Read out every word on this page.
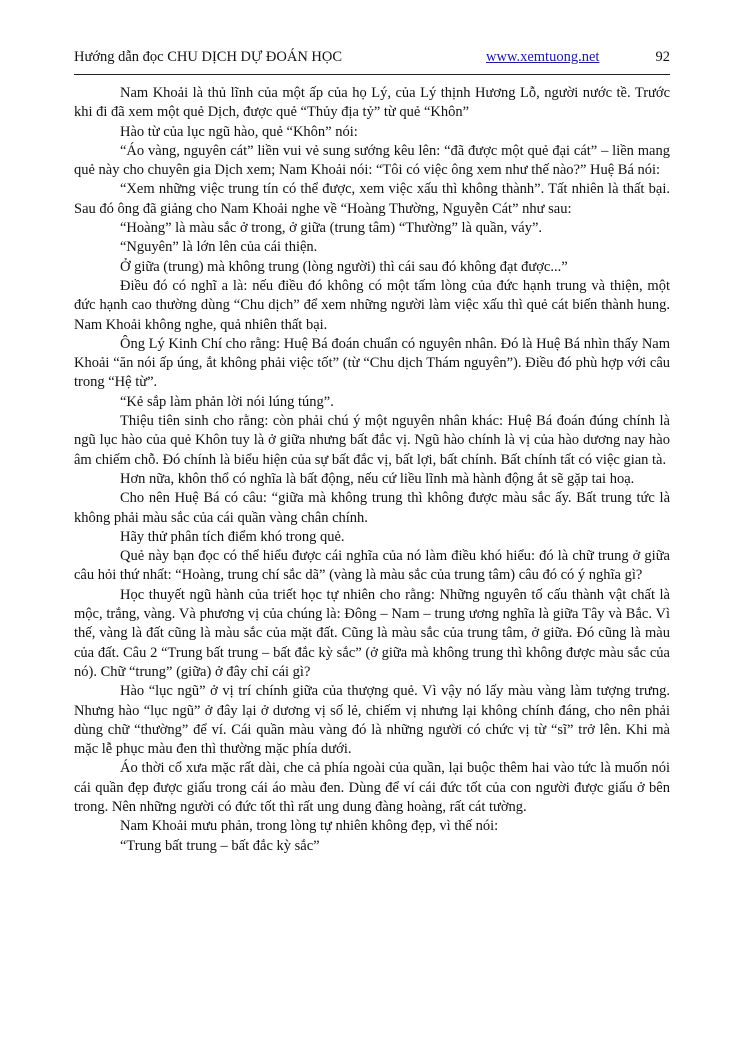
Hướng dẫn đọc CHU DỊCH DỰ ĐOÁN HỌC	www.xemtuong.net	92

Nam Khoải là thủ lĩnh của một ấp của họ Lý, của Lý thịnh Hương Lỗ, người nước tề. Trước khi đi đã xem một quẻ Dịch, được quẻ “Thủy địa tỷ” từ quẻ “Khôn”

Hào từ của lục ngũ hào, quẻ “Khôn” nói:

“Áo vàng, nguyên cát” liền vui vẻ sung sướng kêu lên: “đã được một quẻ đại cát” – liền mang quẻ này cho chuyên gia Dịch xem; Nam Khoải nói: “Tôi có việc ông xem như thế nào?” Huệ Bá nói:

“Xem những việc trung tín có thể được, xem việc xấu thì không thành”. Tất nhiên là thất bại. Sau đó ông đã giảng cho Nam Khoải nghe về “Hoàng Thường, Nguyễn Cát” như sau:

“Hoàng” là màu sắc ở trong, ở giữa (trung tâm) “Thường” là quần, váy”.

“Nguyên” là lớn lên của cái thiện.

Ở giữa (trung) mà không trung (lòng người) thì cái sau đó không đạt được...”

Điều đó có nghĩ a là: nếu điều đó không có một tấm lòng của đức hạnh trung và thiện, một đức hạnh cao thường dùng “Chu dịch” để xem những người làm việc xấu thì quẻ cát biến thành hung. Nam Khoải không nghe, quả nhiên thất bại.

Ông Lý Kinh Chí cho rằng: Huệ Bá đoán chuẩn có nguyên nhân. Đó là Huệ Bá nhìn thấy Nam Khoải “ăn nói ấp úng, ắt không phải việc tốt” (từ “Chu dịch Thám nguyên”). Điều đó phù hợp với câu trong “Hệ từ”.

“Kẻ sắp làm phản lời nói lúng túng”.

Thiệu tiên sinh cho rằng: còn phải chú ý một nguyên nhân khác: Huệ Bá đoán đúng chính là ngũ lục hào của quẻ Khôn tuy là ở giữa nhưng bất đắc vị. Ngũ hào chính là vị của hào dương nay hào âm chiếm chỗ. Đó chính là biểu hiện của sự bất đắc vị, bất lợi, bất chính. Bất chính tất có việc gian tà.

Hơn nữa, khôn thổ có nghĩa là bất động, nếu cứ liều lĩnh mà hành động ắt sẽ gặp tai hoạ.

Cho nên Huệ Bá có câu: “giữa mà không trung thì không được màu sắc ấy. Bất trung tức là không phải màu sắc của cái quần vàng chân chính.

Hãy thử phân tích điểm khó trong quẻ.

Quẻ này bạn đọc có thể hiểu được cái nghĩa của nó làm điều khó hiểu: đó là chữ trung ở giữa câu hỏi thứ nhất: “Hoàng, trung chí sắc dã” (vàng là màu sắc của trung tâm) câu đó có ý nghĩa gì?

Học thuyết ngũ hành của triết học tự nhiên cho rằng: Những nguyên tố cấu thành vật chất là mộc, trắng, vàng. Và phương vị của chúng là: Đông – Nam – trung ương nghĩa là giữa Tây và Bắc. Vì thế, vàng là đất cũng là màu sắc của mặt đất. Cũng là màu sắc của trung tâm, ở giữa. Đó cũng là màu của đất. Câu 2 “Trung bất trung – bất đắc kỳ sắc” (ở giữa mà không trung thì không được màu sắc của nó). Chữ “trung” (giữa) ở đây chỉ cái gì?

Hào “lục ngũ” ở vị trí chính giữa của thượng quẻ. Vì vậy nó lấy màu vàng làm tượng trưng. Nhưng hào “lục ngũ” ở đây lại ở dương vị số lẻ, chiếm vị nhưng lại không chính đáng, cho nên phải dùng chữ “thường” để ví. Cái quần màu vàng đó là những người có chức vị từ “sĩ” trở lên. Khi mà mặc lễ phục màu đen thì thường mặc phía dưới.

Áo thời cổ xưa mặc rất dài, che cả phía ngoài của quần, lại buộc thêm hai vào tức là muốn nói cái quần đẹp được giấu trong cái áo màu đen. Dùng để ví cái đức tốt của con người được giấu ở bên trong. Nên những người có đức tốt thì rất ung dung đàng hoàng, rất cát tường.

Nam Khoải mưu phản, trong lòng tự nhiên không đẹp, vì thế nói:

“Trung bất trung – bất đắc kỳ sắc”
